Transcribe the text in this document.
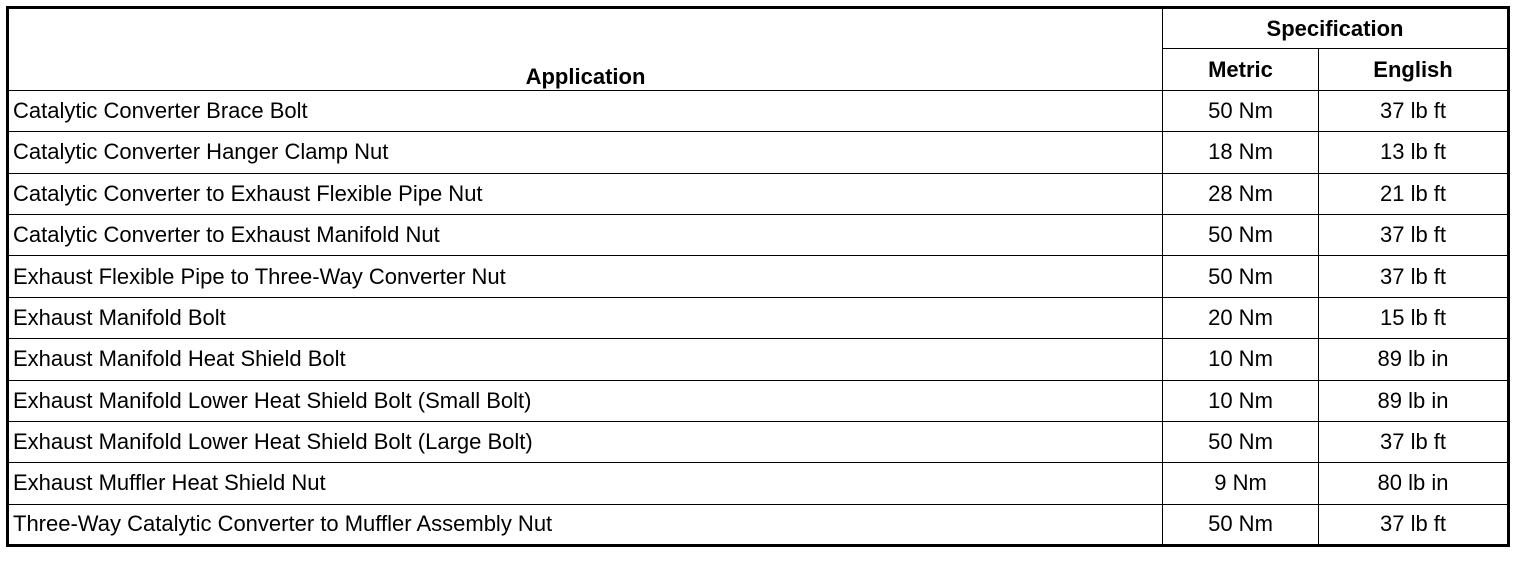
Application	Specification	
	Metric	English
Catalytic Converter Brace Bolt	50 Nm	37 lb ft
Catalytic Converter Hanger Clamp Nut	18 Nm	13 lb ft
Catalytic Converter to Exhaust Flexible Pipe Nut	28 Nm	21 lb ft
Catalytic Converter to Exhaust Manifold Nut	50 Nm	37 lb ft
Exhaust Flexible Pipe to Three-Way Converter Nut	50 Nm	37 lb ft
Exhaust Manifold Bolt	20 Nm	15 lb ft
Exhaust Manifold Heat Shield Bolt	10 Nm	89 lb in
Exhaust Manifold Lower Heat Shield Bolt (Small Bolt)	10 Nm	89 lb in
Exhaust Manifold Lower Heat Shield Bolt (Large Bolt)	50 Nm	37 lb ft
Exhaust Muffler Heat Shield Nut	9 Nm	80 lb in
Three-Way Catalytic Converter to Muffler Assembly Nut	50 Nm	37 lb ft
